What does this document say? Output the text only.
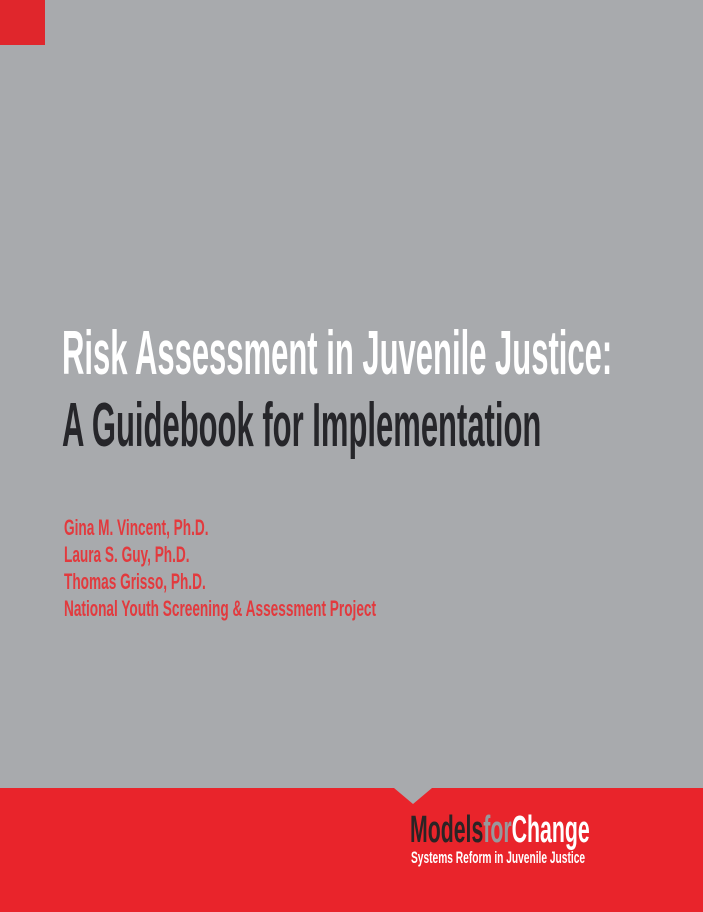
Risk Assessment in Juvenile Justice:
A Guidebook for Implementation
Gina M. Vincent, Ph.D.
Laura S. Guy, Ph.D.
Thomas Grisso, Ph.D.
National Youth Screening & Assessment Project
ModelsforChange
Systems Reform in Juvenile Justice
